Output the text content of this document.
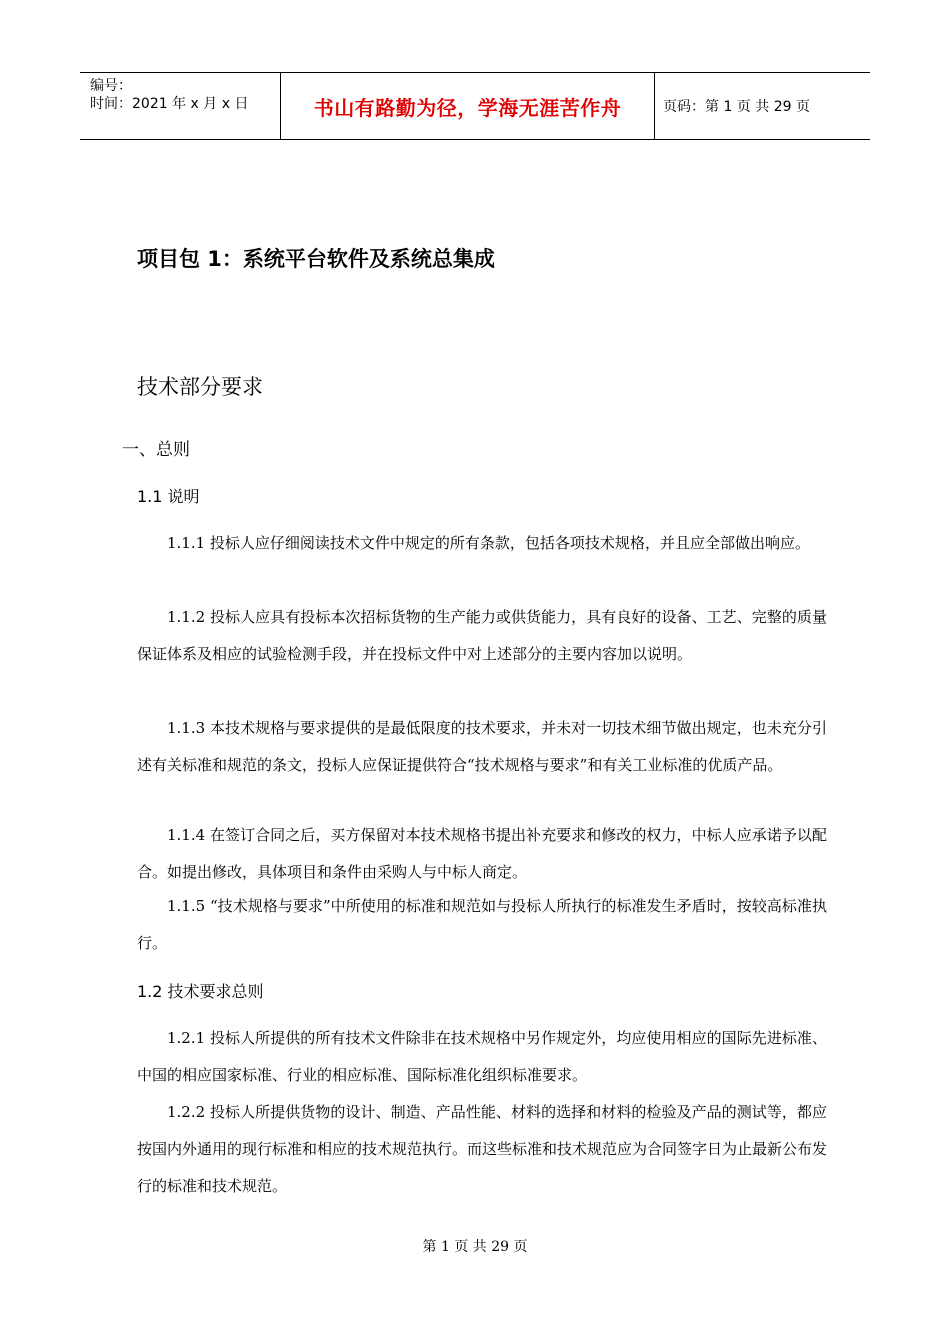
编号：
时间：2021 年 x 月 x 日	书山有路勤为径，学海无涯苦作舟	页码：第 1 页 共 29 页
项目包 1：系统平台软件及系统总集成
技术部分要求
一、总则
1.1 说明
1.1.1 投标人应仔细阅读技术文件中规定的所有条款，包括各项技术规格，并且应全部做出响应。
1.1.2 投标人应具有投标本次招标货物的生产能力或供货能力，具有良好的设备、工艺、完整的质量保证体系及相应的试验检测手段，并在投标文件中对上述部分的主要内容加以说明。
1.1.3 本技术规格与要求提供的是最低限度的技术要求，并未对一切技术细节做出规定，也未充分引述有关标准和规范的条文，投标人应保证提供符合“技术规格与要求”和有关工业标准的优质产品。
1.1.4 在签订合同之后，买方保留对本技术规格书提出补充要求和修改的权力，中标人应承诺予以配合。如提出修改，具体项目和条件由采购人与中标人商定。
1.1.5 “技术规格与要求”中所使用的标准和规范如与投标人所执行的标准发生矛盾时，按较高标准执行。
1.2 技术要求总则
1.2.1 投标人所提供的所有技术文件除非在技术规格中另作规定外，均应使用相应的国际先进标准、中国的相应国家标准、行业的相应标准、国际标准化组织标准要求。
1.2.2 投标人所提供货物的设计、制造、产品性能、材料的选择和材料的检验及产品的测试等，都应按国内外通用的现行标准和相应的技术规范执行。而这些标准和技术规范应为合同签字日为止最新公布发行的标准和技术规范。
第 1 页 共 29 页
